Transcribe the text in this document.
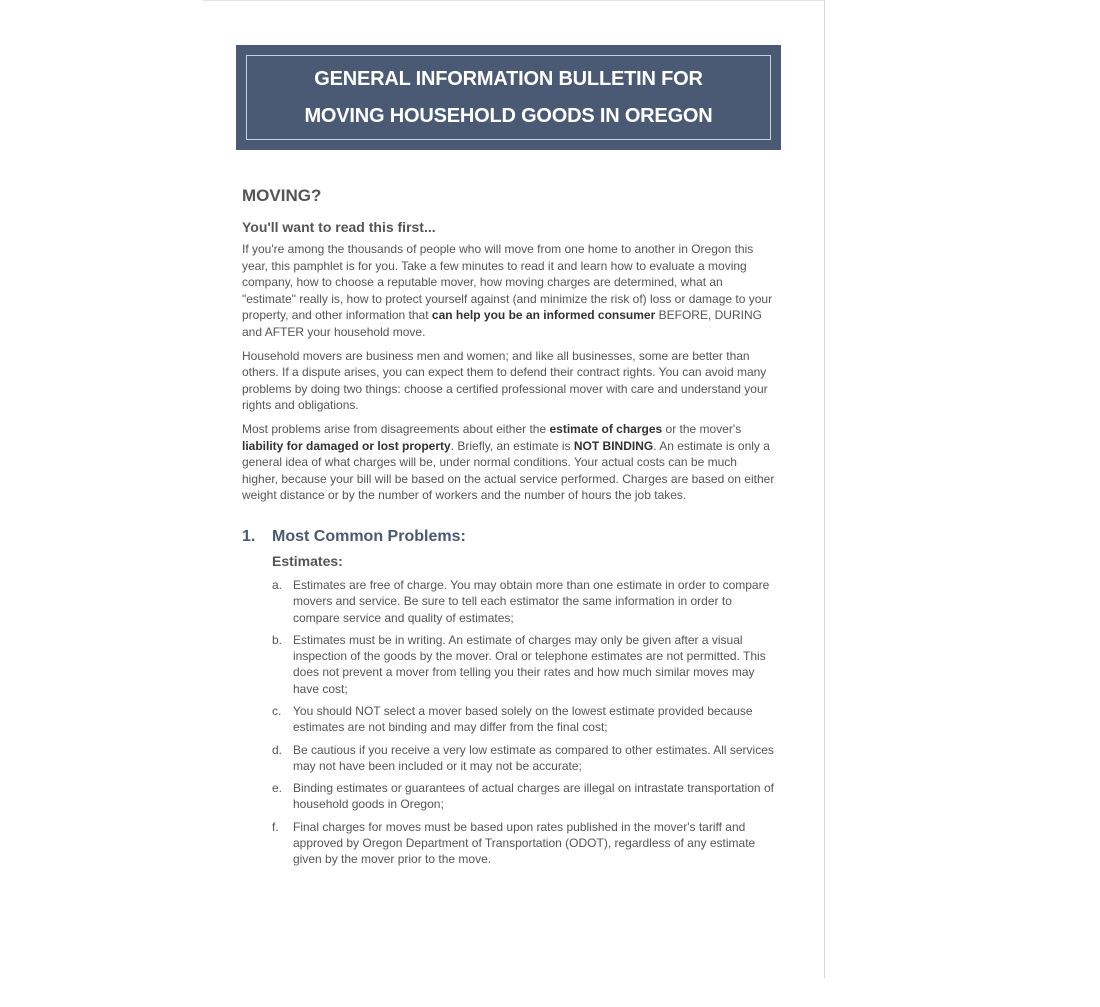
GENERAL INFORMATION BULLETIN FOR
MOVING HOUSEHOLD GOODS IN OREGON
MOVING?
You'll want to read this first...

If you're among the thousands of people who will move from one home to another in Oregon this year, this pamphlet is for you. Take a few minutes to read it and learn how to evaluate a moving company, how to choose a reputable mover, how moving charges are determined, what an "estimate" really is, how to protect yourself against (and minimize the risk of) loss or damage to your property, and other information that can help you be an informed consumer BEFORE, DURING and AFTER your household move.

Household movers are business men and women; and like all businesses, some are better than others. If a dispute arises, you can expect them to defend their contract rights. You can avoid many problems by doing two things: choose a certified professional mover with care and understand your rights and obligations.

Most problems arise from disagreements about either the estimate of charges or the mover's liability for damaged or lost property. Briefly, an estimate is NOT BINDING. An estimate is only a general idea of what charges will be, under normal conditions. Your actual costs can be much higher, because your bill will be based on the actual service performed. Charges are based on either weight distance or by the number of workers and the number of hours the job takes.

1. Most Common Problems:
Estimates:
a. Estimates are free of charge. You may obtain more than one estimate in order to compare movers and service. Be sure to tell each estimator the same information in order to compare service and quality of estimates;
b. Estimates must be in writing. An estimate of charges may only be given after a visual inspection of the goods by the mover. Oral or telephone estimates are not permitted. This does not prevent a mover from telling you their rates and how much similar moves may have cost;
c. You should NOT select a mover based solely on the lowest estimate provided because estimates are not binding and may differ from the final cost;
d. Be cautious if you receive a very low estimate as compared to other estimates. All services may not have been included or it may not be accurate;
e. Binding estimates or guarantees of actual charges are illegal on intrastate transportation of household goods in Oregon;
f. Final charges for moves must be based upon rates published in the mover's tariff and approved by Oregon Department of Transportation (ODOT), regardless of any estimate given by the mover prior to the move.
